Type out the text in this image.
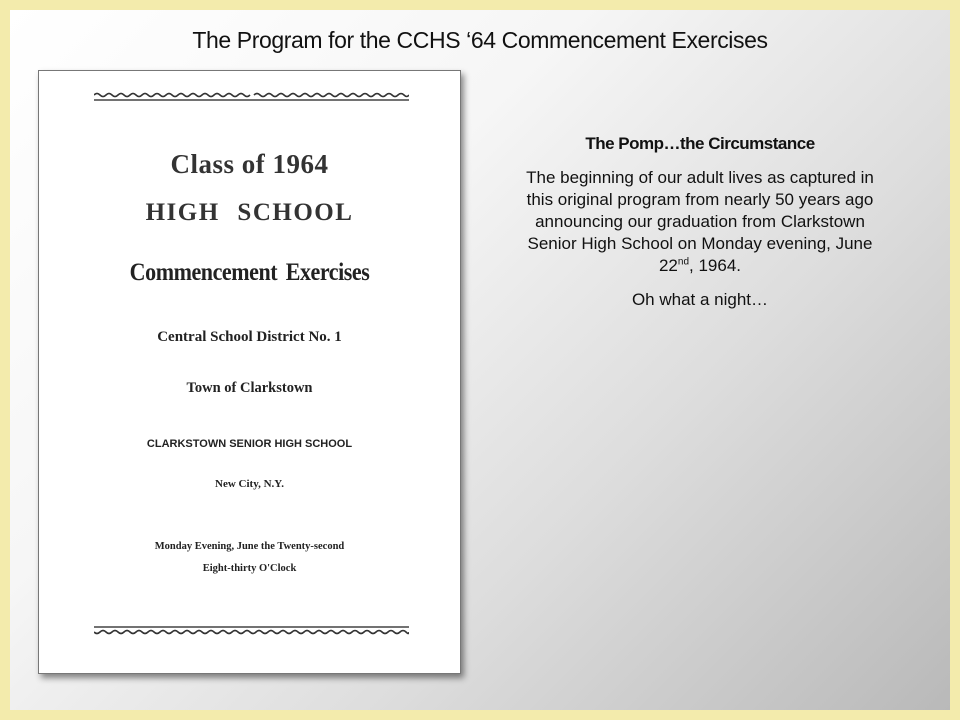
The Program for the CCHS ‘64 Commencement Exercises
Class of 1964
HIGH SCHOOL
Commencement Exercises
Central School District No. 1
Town of Clarkstown
CLARKSTOWN SENIOR HIGH SCHOOL
New City, N.Y.
Monday Evening, June the Twenty-second
Eight-thirty O'Clock

The Pomp…the Circumstance

The beginning of our adult lives as captured in this original program from nearly 50 years ago announcing our graduation from Clarkstown Senior High School on Monday evening, June 22nd, 1964.

Oh what a night…
